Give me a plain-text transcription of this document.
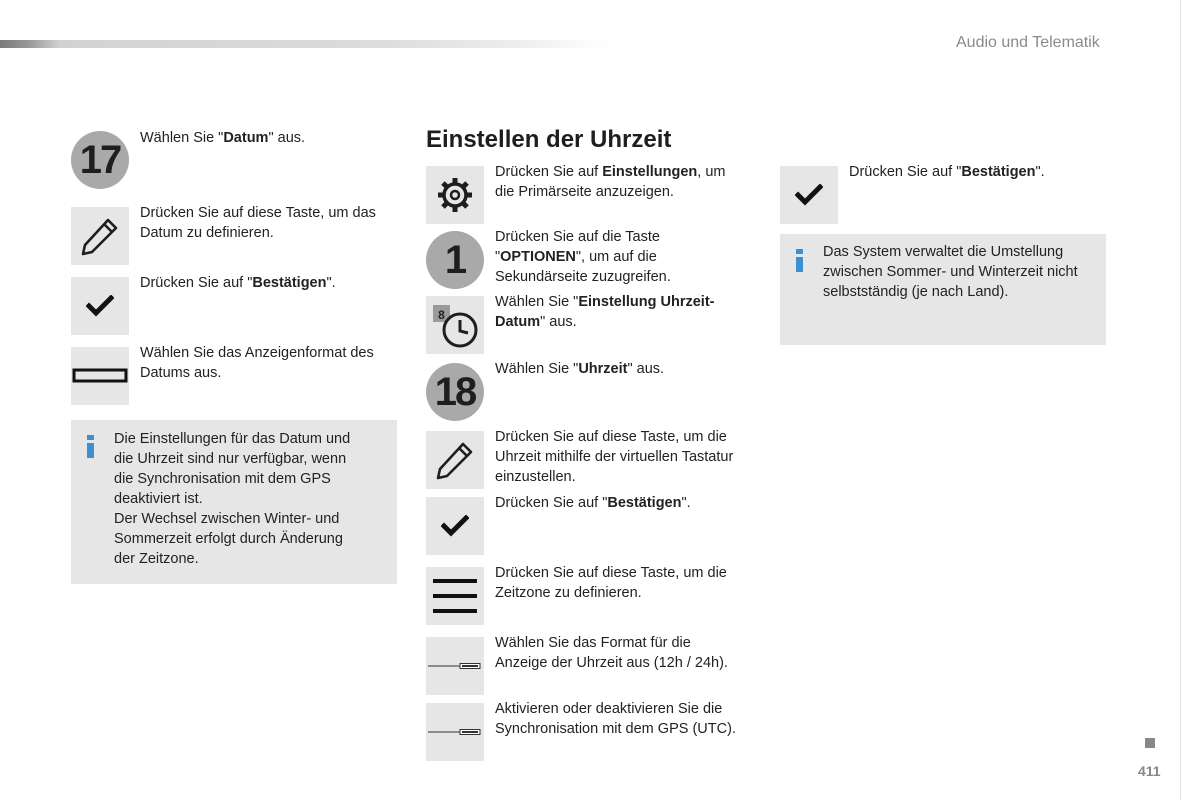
Audio und Telematik
17 Wählen Sie "Datum" aus.
Drücken Sie auf diese Taste, um das
Datum zu definieren.
Drücken Sie auf "Bestätigen".
Wählen Sie das Anzeigenformat des
Datums aus.
Die Einstellungen für das Datum und
die Uhrzeit sind nur verfügbar, wenn
die Synchronisation mit dem GPS
deaktiviert ist.
Der Wechsel zwischen Winter- und
Sommerzeit erfolgt durch Änderung
der Zeitzone.
Einstellen der Uhrzeit
Drücken Sie auf Einstellungen, um
die Primärseite anzuzeigen.
1
Drücken Sie auf die Taste
"OPTIONEN", um auf die
Sekundärseite zuzugreifen.
8
Wählen Sie "Einstellung Uhrzeit-
Datum" aus.
18
Wählen Sie "Uhrzeit" aus.
Drücken Sie auf diese Taste, um die
Uhrzeit mithilfe der virtuellen Tastatur
einzustellen.
Drücken Sie auf "Bestätigen".
Drücken Sie auf diese Taste, um die
Zeitzone zu definieren.
Wählen Sie das Format für die
Anzeige der Uhrzeit aus (12h / 24h).
Aktivieren oder deaktivieren Sie die
Synchronisation mit dem GPS (UTC).
Drücken Sie auf "Bestätigen".
Das System verwaltet die Umstellung
zwischen Sommer- und Winterzeit nicht
selbstständig (je nach Land).
411
